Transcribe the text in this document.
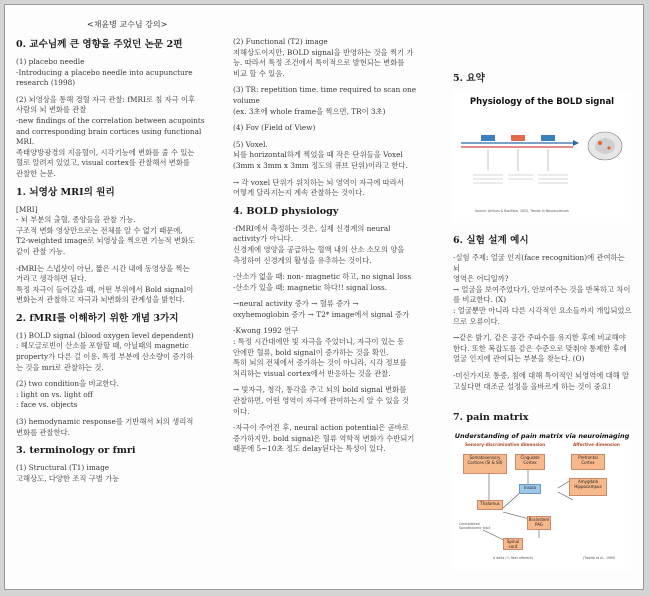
<채윤병 교수님 강의>
0. 교수님께 큰 영향을 주었던 논문 2편
(1) placebo needle
-Introducing a placebo needle into acupuncture
research (1998)
(2) 뇌영상을 통해 경혈 자극 관찰: fMRI로 침 자극 이후
사람의 뇌 변화를 관찰
-new findings of the correlation between acupoints
and corresponding brain cortices using functional
MRI.
족태양방광경의 지음혈이, 시각기능에 변화를 줄 수 있는
혈로 알려져 있었고, visual cortex를 관찰해서 변화를
관찰한 논문.
1. 뇌영상 MRI의 원리
[MRI]
- 뇌 부분의 출혈, 종양들을 관찰 가능.
구조적 변화 영상만으로는 전체를 알 수 없기 때문에,
T2-weighted image로 뇌영상을 찍으면 기능적 변화도
같이 관찰 가능.
-fMRI는 스냅샷이 아닌, 짧은 시간 내에 동영상을 찍는
거라고 생각하면 된다.
특정 자극이 들어갔을 때, 어떤 부위에서 Bold signal이
변화는지 관찰하고 자극과 뇌변화의 관계성을 밝힌다.
2. fMRI를 이해하기 위한 개념 3가지
(1) BOLD signal (blood oxygen level dependent)
: 헤모글로빈이 산소를 포함할 때, 아닐때의 magnetic
property가 다른 걸 이용. 특정 부분에 산소량이 증가하
는 것을 mri로 관찰하는 것.
(2) two condition을 비교한다.
: light on vs. light off
: face vs. objects
(3) hemodynamic response를 기반해서 뇌의 생리적
변화를 관찰한다.
3. terminology or fmri
(1) Structural (T1) image
고해상도, 다양한 조직 구별 가능
(2) Functional (T2) image
저해상도이지만, BOLD signal을 반영하는 것을 찍기 가
능. 따라서 특정 조건에서 특이적으로 발현되는 변화를
비교 할 수 있음.
(3) TR: repetition time. time required to scan one
volume
(ex. 3초에 whole frame을 찍으면, TR이 3초)
(4) Fov (Field of View)
(5) Voxel.
뇌를 horizontal하게 찍었을 때 작은 단위들을 Voxel
(3mm x 3mm x 3mm 정도의 큐브 단위)이라고 한다.
→ 각 voxel 단위가 위치하는 뇌 영역이 자극에 따라서
어떻게 달라지는지 계속 관찰하는 것이다.
4. BOLD physiology
-fMRI에서 측정하는 것은, 실제 신경계의 neural
activity가 아니다.
신경계에 영양을 공급하는 혈액 내의 산소 소모의 양을
측정하여 신경계의 활성을 유추하는 것이다.
-산소가 없을 때: non- magnetic 하고, no signal loss
-산소가 있을 때: magnetic 하다!! signal loss.
→neural activity 증가 → 혈류 증가 →
oxyhemoglobin 증가 → T2* image에서 signal 증가
-Kwong 1992 연구
: 특정 시간대에만 빛 자극을 주었더니, 자극이 있는 동
안에만 혈류, bold signal이 증가하는 것을 확인.
특히 뇌의 전체에서 증가하는 것이 아니라, 시각 정보를
처리하는 visual cortex에서 반응하는 것을 관찰.
→ 빛자극, 청각, 통각을 주고 뇌의 bold signal 변화를
관찰하면, 어떤 영역이 자극에 관여하는지 알 수 있을 것
이다.
-자극이 주어진 후, neural action potential은 곧바로
증가하지만, bold signal은 혈류 역학적 변화가 수반되기
때문에 5~10초 정도 delay된다는 특성이 있다.
5. 요약
Physiology of the BOLD signal
Source: Arthurs & Boniface, 2002, Trends in Neurosciences
6. 실험 설계 예시
-실험 주제: 얼굴 인지(face recognition)에 관여하는 뇌
영역은 어디일까?
→ 얼굴을 보여주었다가, 안보여주는 것을 반복하고 차이
를 비교한다. (X)
: 얼굴뿐만 아니라 다른 시각적인 요소들까지 개입되었으
므로 오류이다.
→같은 밝기, 같은 공간 주파수를 유지한 후에 비교해야
한다. 또한 복잡도를 같은 수준으로 맞춰야 통제한 후에
얼굴 인지에 관여되는 부분을 찾는다. (O)
-미신가지로 통증, 침에 대해 특이적인 뇌영역에 대해 알
고싶다면 대조군 설정을 올바르게 하는 것이 중요!
7. pain matrix
Understanding of pain matrix via neuroimaging
Sensory-discriminative dimension	Affective dimension
Somatosensory Cortices (SI & SII)
Cingulate Cortex
Prefrontal Cortex
Insula
Amygdala Hippocampus
Thalamus
Brainstem PAG
Spinal cord
Contralateral Spinothalamic tract
A delta / C fiber afferents	(Treede et al., 1999)
